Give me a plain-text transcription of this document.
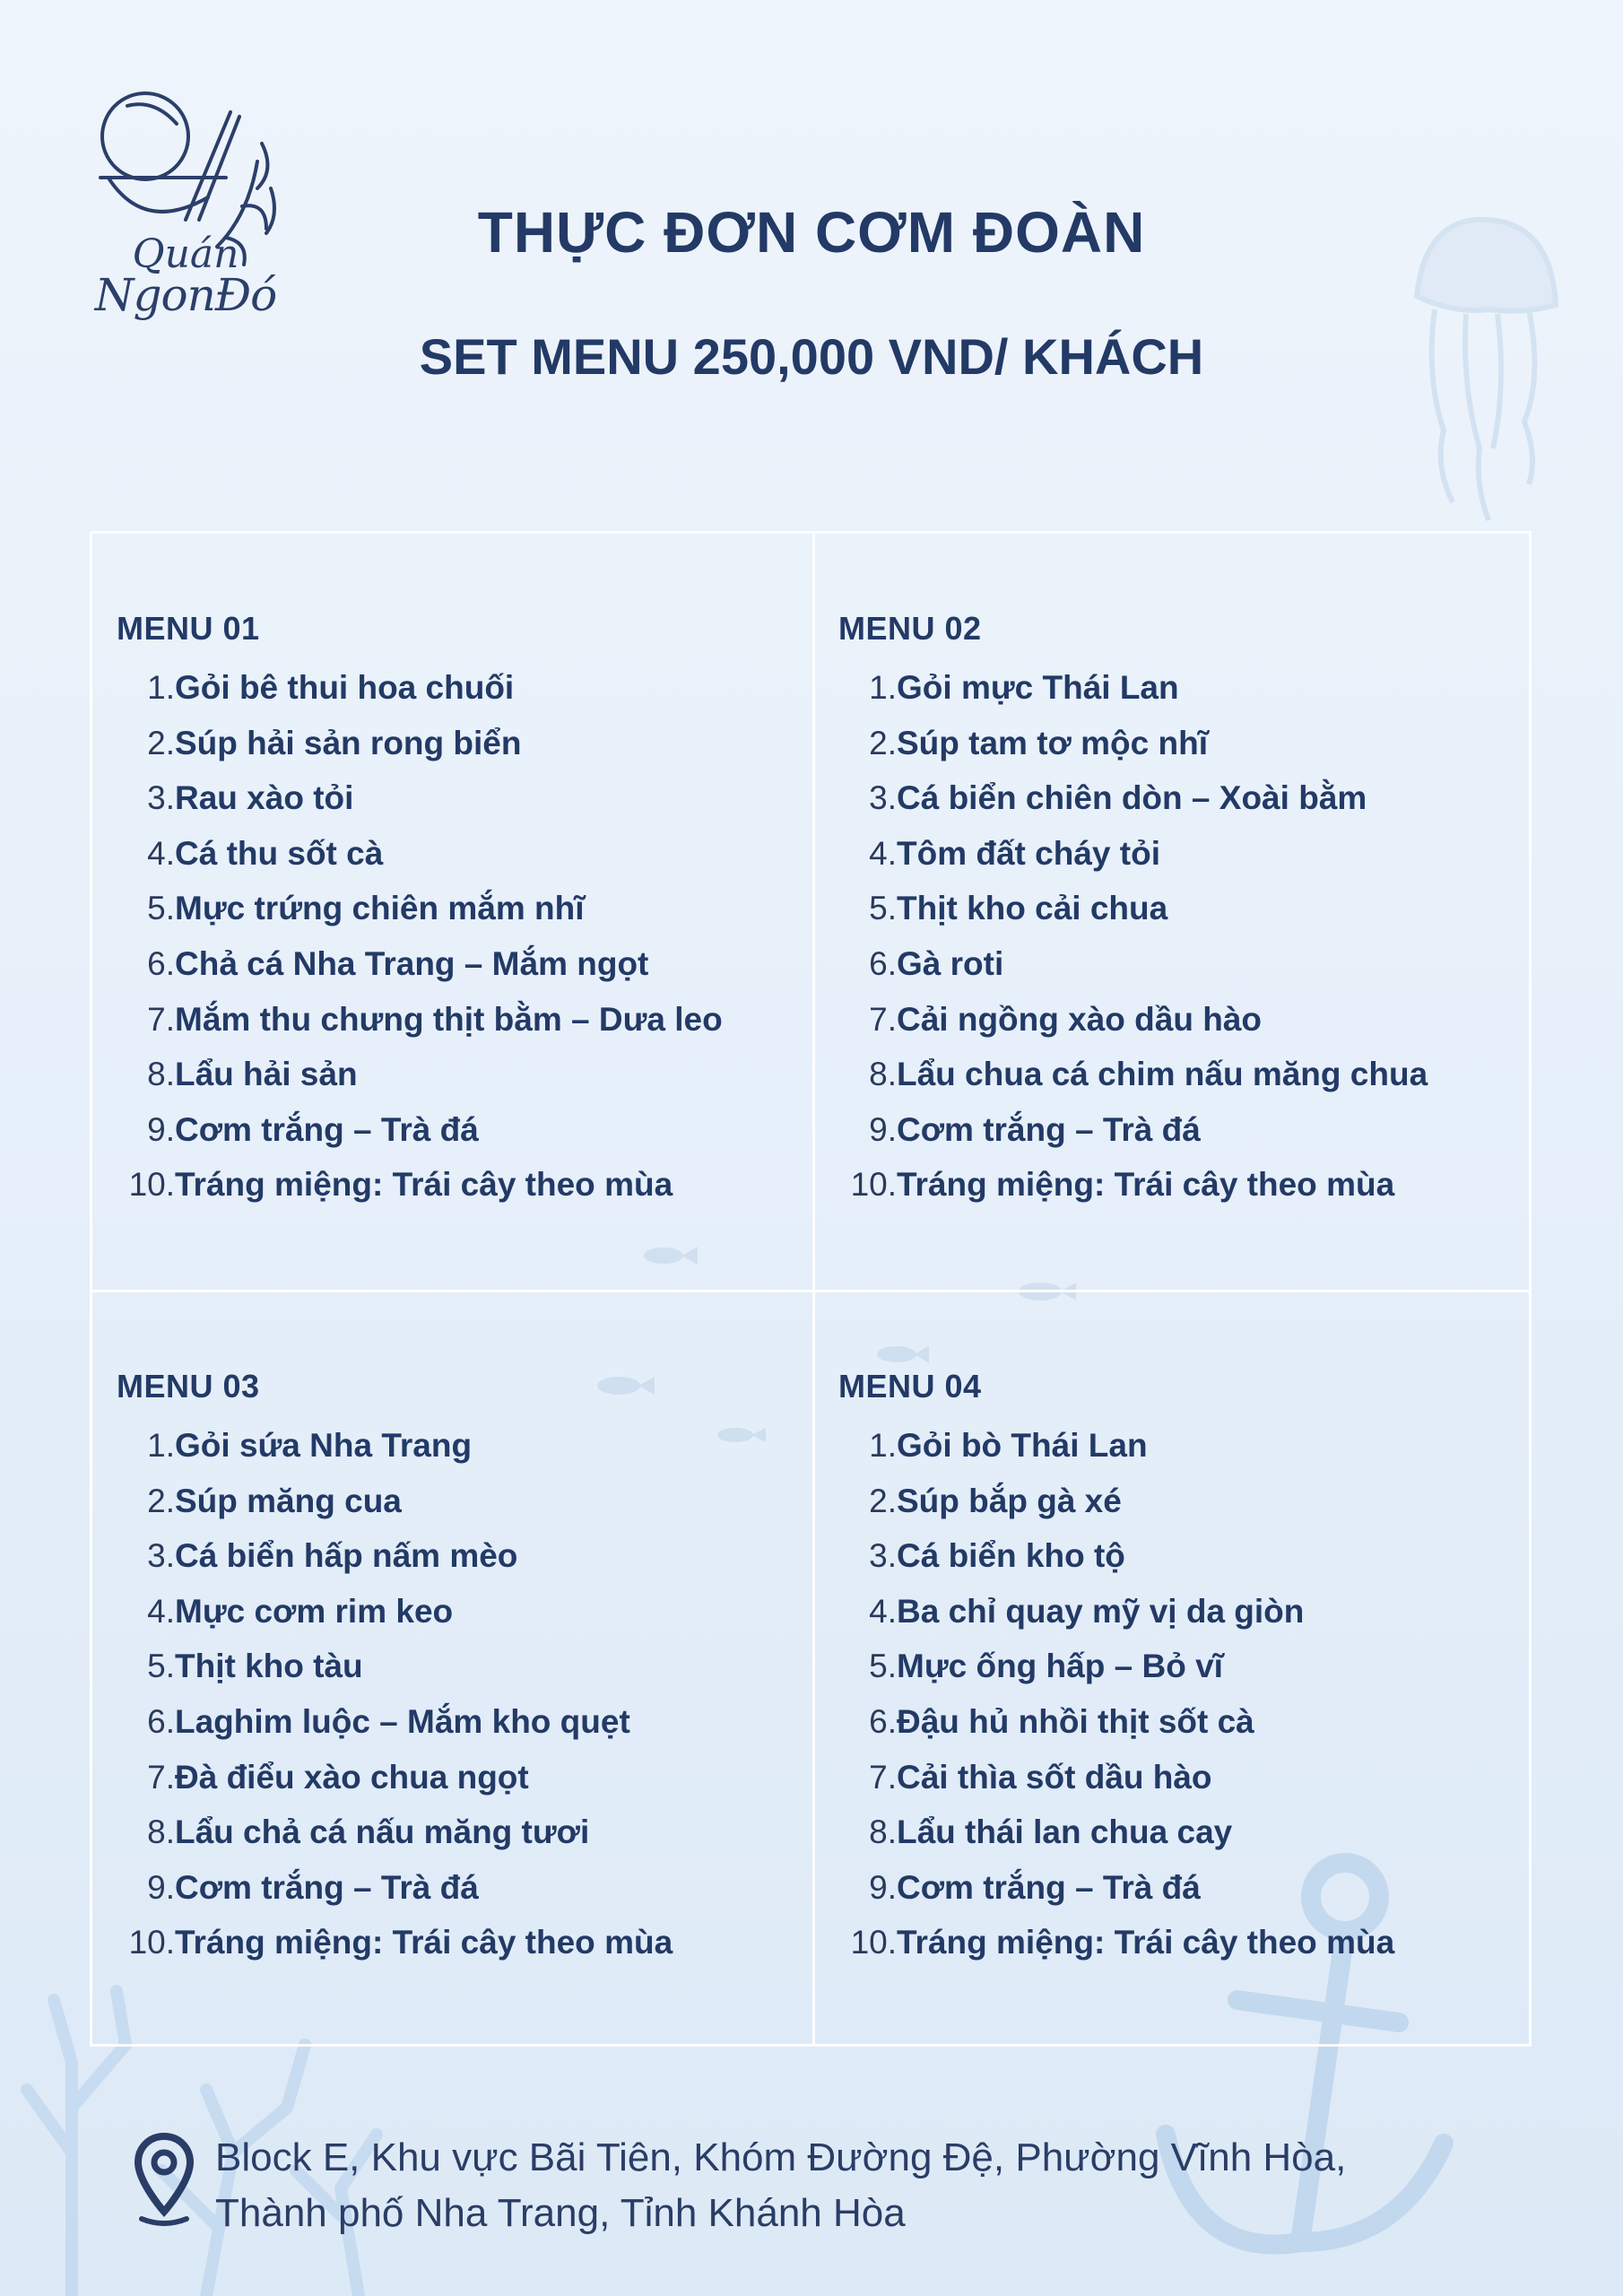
Quán
NgonĐó
THỰC ĐƠN CƠM ĐOÀN
SET MENU 250,000 VND/ KHÁCH
MENU 01
1. Gỏi bê thui hoa chuối
2. Súp hải sản rong biển
3. Rau xào tỏi
4. Cá thu sốt cà
5. Mực trứng chiên mắm nhĩ
6. Chả cá Nha Trang – Mắm ngọt
7. Mắm thu chưng thịt bằm – Dưa leo
8. Lẩu hải sản
9. Cơm trắng – Trà đá
10. Tráng miệng: Trái cây theo mùa
MENU 02
1. Gỏi mực Thái Lan
2. Súp tam tơ mộc nhĩ
3. Cá biển chiên dòn – Xoài bằm
4. Tôm đất cháy tỏi
5. Thịt kho cải chua
6. Gà roti
7. Cải ngồng xào dầu hào
8. Lẩu chua cá chim nấu măng chua
9. Cơm trắng – Trà đá
10. Tráng miệng: Trái cây theo mùa
MENU 03
1. Gỏi sứa Nha Trang
2. Súp măng cua
3. Cá biển hấp nấm mèo
4. Mực cơm rim keo
5. Thịt kho tàu
6. Laghim luộc – Mắm kho quẹt
7. Đà điểu xào chua ngọt
8. Lẩu chả cá nấu măng tươi
9. Cơm trắng – Trà đá
10. Tráng miệng: Trái cây theo mùa
MENU 04
1. Gỏi bò Thái Lan
2. Súp bắp gà xé
3. Cá biển kho tộ
4. Ba chỉ quay mỹ vị da giòn
5. Mực ống hấp – Bỏ vĩ
6. Đậu hủ nhồi thịt sốt cà
7. Cải thìa sốt dầu hào
8. Lẩu thái lan chua cay
9. Cơm trắng – Trà đá
10. Tráng miệng: Trái cây theo mùa
Block E, Khu vực Bãi Tiên, Khóm Đường Đệ, Phường Vĩnh Hòa,
Thành phố Nha Trang, Tỉnh Khánh Hòa
